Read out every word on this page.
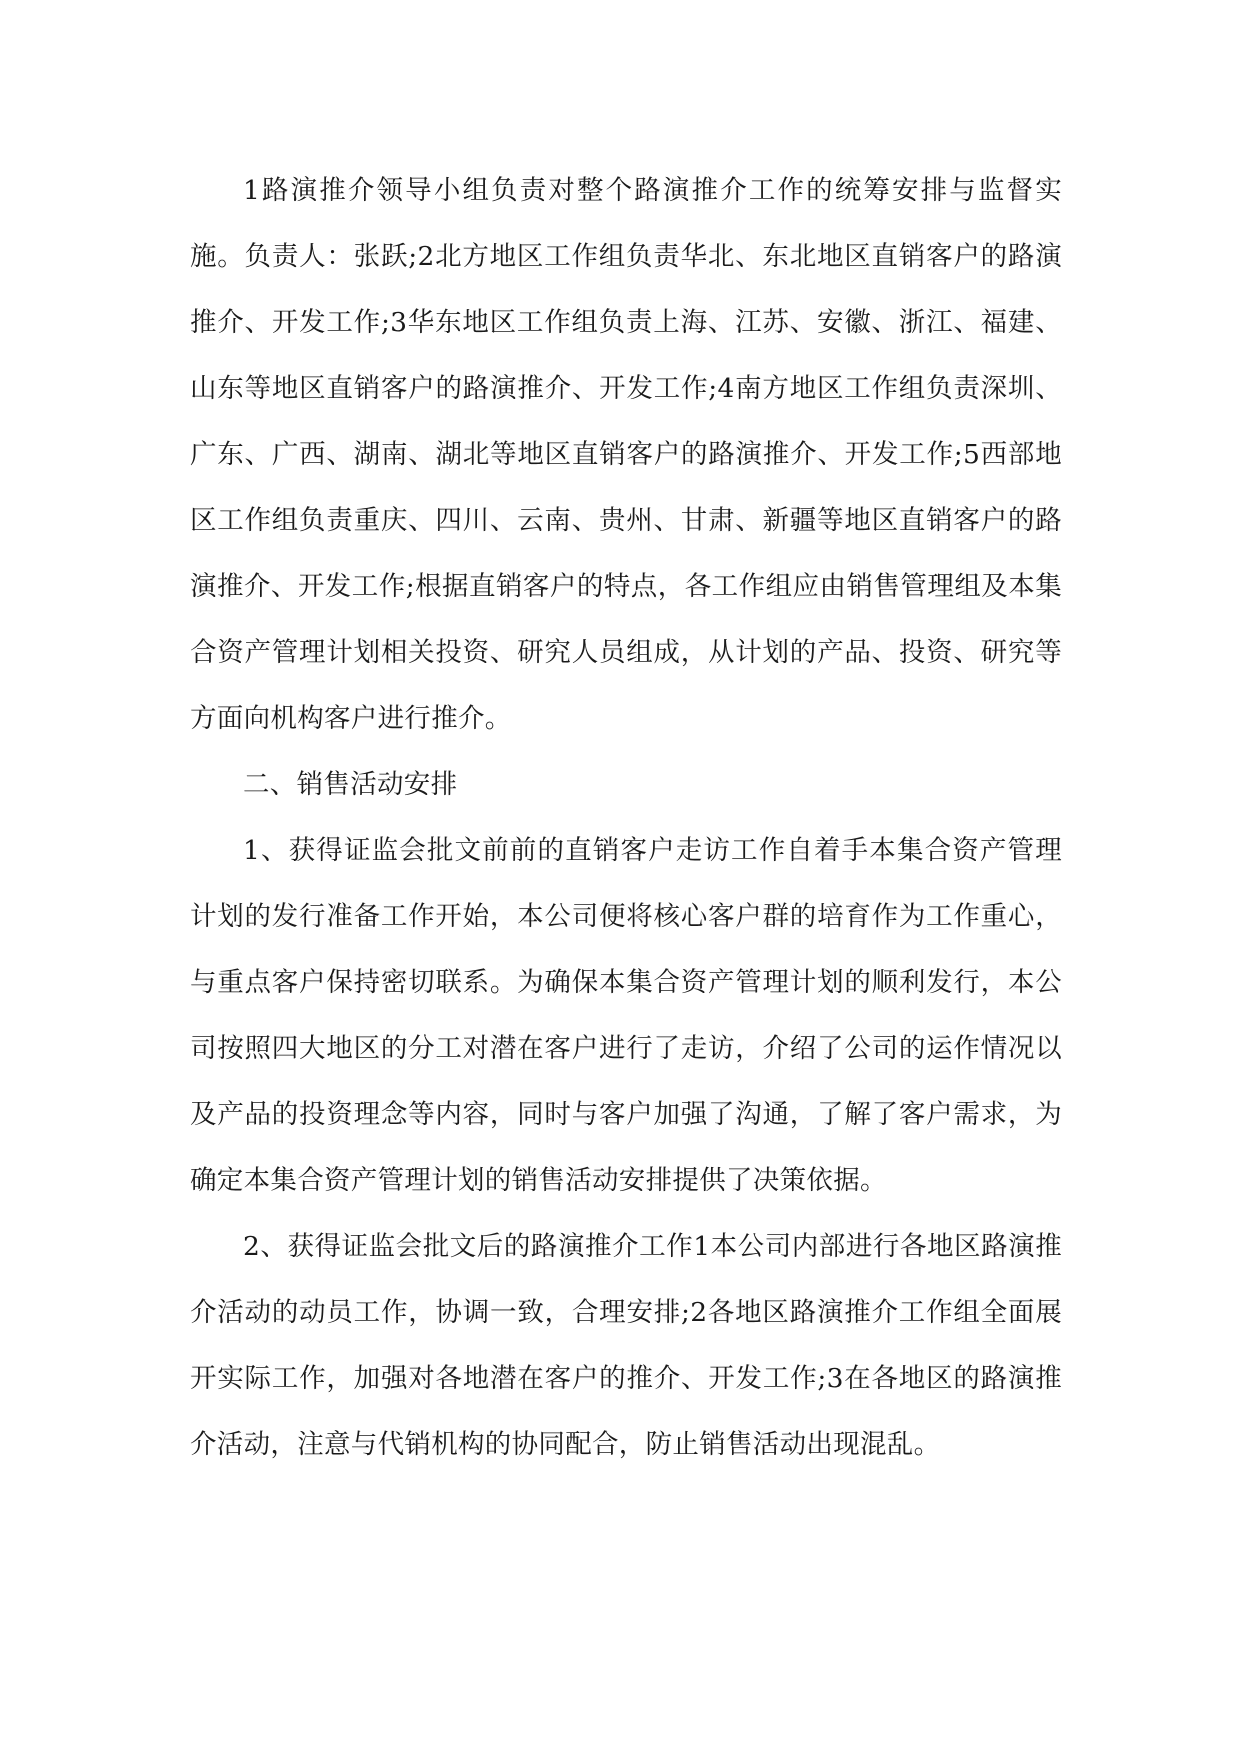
1路演推介领导小组负责对整个路演推介工作的统筹安排与监督实施。负责人：张跃;2北方地区工作组负责华北、东北地区直销客户的路演推介、开发工作;3华东地区工作组负责上海、江苏、安徽、浙江、福建、山东等地区直销客户的路演推介、开发工作;4南方地区工作组负责深圳、广东、广西、湖南、湖北等地区直销客户的路演推介、开发工作;5西部地区工作组负责重庆、四川、云南、贵州、甘肃、新疆等地区直销客户的路演推介、开发工作;根据直销客户的特点，各工作组应由销售管理组及本集合资产管理计划相关投资、研究人员组成，从计划的产品、投资、研究等方面向机构客户进行推介。

二、销售活动安排

1、获得证监会批文前前的直销客户走访工作自着手本集合资产管理计划的发行准备工作开始，本公司便将核心客户群的培育作为工作重心，与重点客户保持密切联系。为确保本集合资产管理计划的顺利发行，本公司按照四大地区的分工对潜在客户进行了走访，介绍了公司的运作情况以及产品的投资理念等内容，同时与客户加强了沟通，了解了客户需求，为确定本集合资产管理计划的销售活动安排提供了决策依据。

2、获得证监会批文后的路演推介工作1本公司内部进行各地区路演推介活动的动员工作，协调一致，合理安排;2各地区路演推介工作组全面展开实际工作，加强对各地潜在客户的推介、开发工作;3在各地区的路演推介活动，注意与代销机构的协同配合，防止销售活动出现混乱。
